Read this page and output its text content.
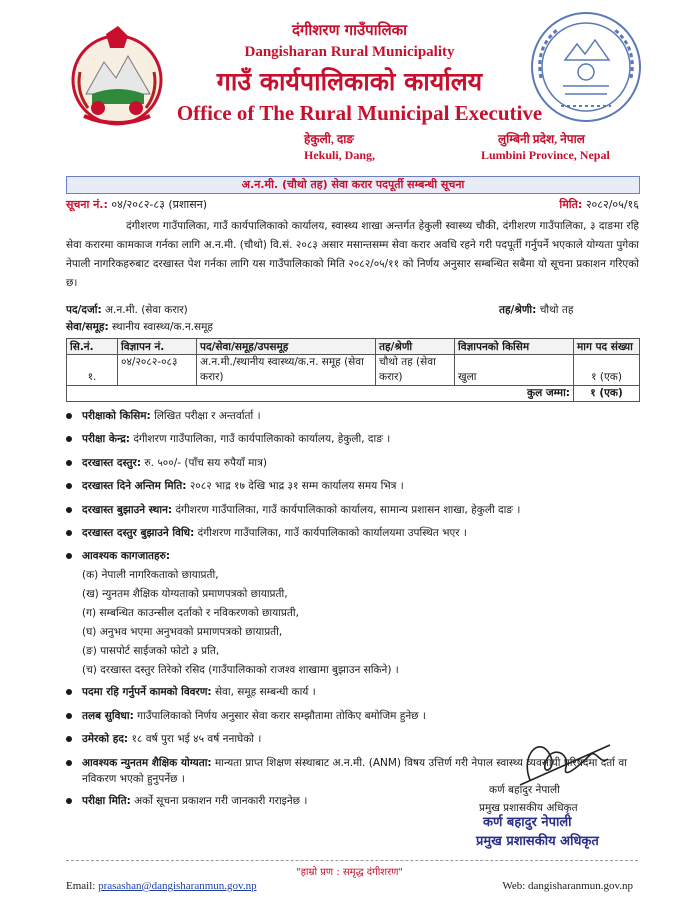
दंगीशरण गाउँपालिका
Dangisharan Rural Municipality
गाउँ कार्यपालिकाको कार्यालय
Office of The Rural Municipal Executive
हेकुली, दाङ
Hekuli, Dang,
लुम्बिनी प्रदेश, नेपाल
Lumbini Province, Nepal
अ.न.मी. (चौथो तह) सेवा करार पदपूर्ती सम्बन्धी सूचना
सूचना नं.: ०४/२०८२-८३ (प्रशासन)	मिति: २०८२/०५/१६
दंगीशरण गाउँपालिका, गाउँ कार्यपालिकाको कार्यालय, स्वास्थ्य शाखा अन्तर्गत हेकुली स्वास्थ्य चौकी, दंगीशरण गाउँपालिका, ३ दाङमा रहि सेवा करारमा कामकाज गर्नका लागि अ.न.मी. (चौथो) वि.सं. २०८३ असार मसान्तसम्म सेवा करार अवधि रहने गरी पदपूर्ती गर्नुपर्ने भएकाले योग्यता पुगेका नेपाली नागरिकहरुबाट दरखास्त पेश गर्नका लागि यस गाउँपालिकाको मिति २०८२/०५/११ को निर्णय अनुसार सम्बन्धित सबैमा यो सूचना प्रकाशन गरिएको छ।
पद/दर्जा: अ.न.मी. (सेवा करार)	तह/श्रेणी: चौथो तह
सेवा/समूह: स्थानीय स्वास्थ्य/क.न.समूह
सि.नं.	विज्ञापन नं.	पद/सेवा/समूह/उपसमूह	तह/श्रेणी	विज्ञापनको किसिम	माग पद संख्या
१.	०४/२०८२-०८३	अ.न.मी./स्थानीय स्वास्थ्य/क.न. समूह (सेवा करार)	चौथो तह (सेवा करार)	खुला	१ (एक)
कुल जम्मा:					१ (एक)
परीक्षाको किसिम: लिखित परीक्षा र अन्तर्वार्ता ।
परीक्षा केन्द्र: दंगीशरण गाउँपालिका, गाउँ कार्यपालिकाको कार्यालय, हेकुली, दाङ ।
दरखास्त दस्तुर: रु. ५००/- (पाँच सय रुपैयाँ मात्र)
दरखास्त दिने अन्तिम मिति: २०८२ भाद्र १७ देखि भाद्र ३१ सम्म कार्यालय समय भित्र ।
दरखास्त बुझाउने स्थान: दंगीशरण गाउँपालिका, गाउँ कार्यपालिकाको कार्यालय, सामान्य प्रशासन शाखा, हेकुली दाङ ।
दरखास्त दस्तुर बुझाउने विधि: दंगीशरण गाउँपालिका, गाउँ कार्यपालिकाको कार्यालयमा उपस्थित भएर ।
आवश्यक कागजातहरु:
(क) नेपाली नागरिकताको छायाप्रती,
(ख) न्युनतम शैक्षिक योग्यताको प्रमाणपत्रको छायाप्रती,
(ग) सम्बन्धित काउन्सील दर्ताको र नविकरणको छायाप्रती,
(घ) अनुभव भएमा अनुभवको प्रमाणपत्रको छायाप्रती,
(ङ) पासपोर्ट साईजको फोटो ३ प्रति,
(च) दरखास्त दस्तुर तिरेको रसिद (गाउँपालिकाको राजश्व शाखामा बुझाउन सकिने) ।
पदमा रहि गर्नुपर्ने कामको विवरण: सेवा, समूह सम्बन्धी कार्य ।
तलब सुविधा: गाउँपालिकाको निर्णय अनुसार सेवा करार सम्झौतामा तोकिए बमोजिम हुनेछ ।
उमेरको हद: १८ वर्ष पुरा भई ४५ वर्ष ननाघेको ।
आवश्यक न्युनतम शैक्षिक योग्यता: मान्यता प्राप्त शिक्षण संस्थाबाट अ.न.मी. (ANM) विषय उत्तिर्ण गरी नेपाल स्वास्थ्य व्यवसायी परिषदमा दर्ता वा नविकरण भएको हुनुपर्नेछ ।
परीक्षा मिति: अर्को सूचना प्रकाशन गरी जानकारी गराइनेछ ।
कर्ण बहादुर नेपाली
प्रमुख प्रशासकीय अधिकृत
कर्ण बहादुर नेपाली
प्रमुख प्रशासकीय अधिकृत
"हाम्रो प्रण : समृद्ध दंगीशरण"
Email: prasashan@dangisharanmun.gov.np	Web: dangisharanmun.gov.np
